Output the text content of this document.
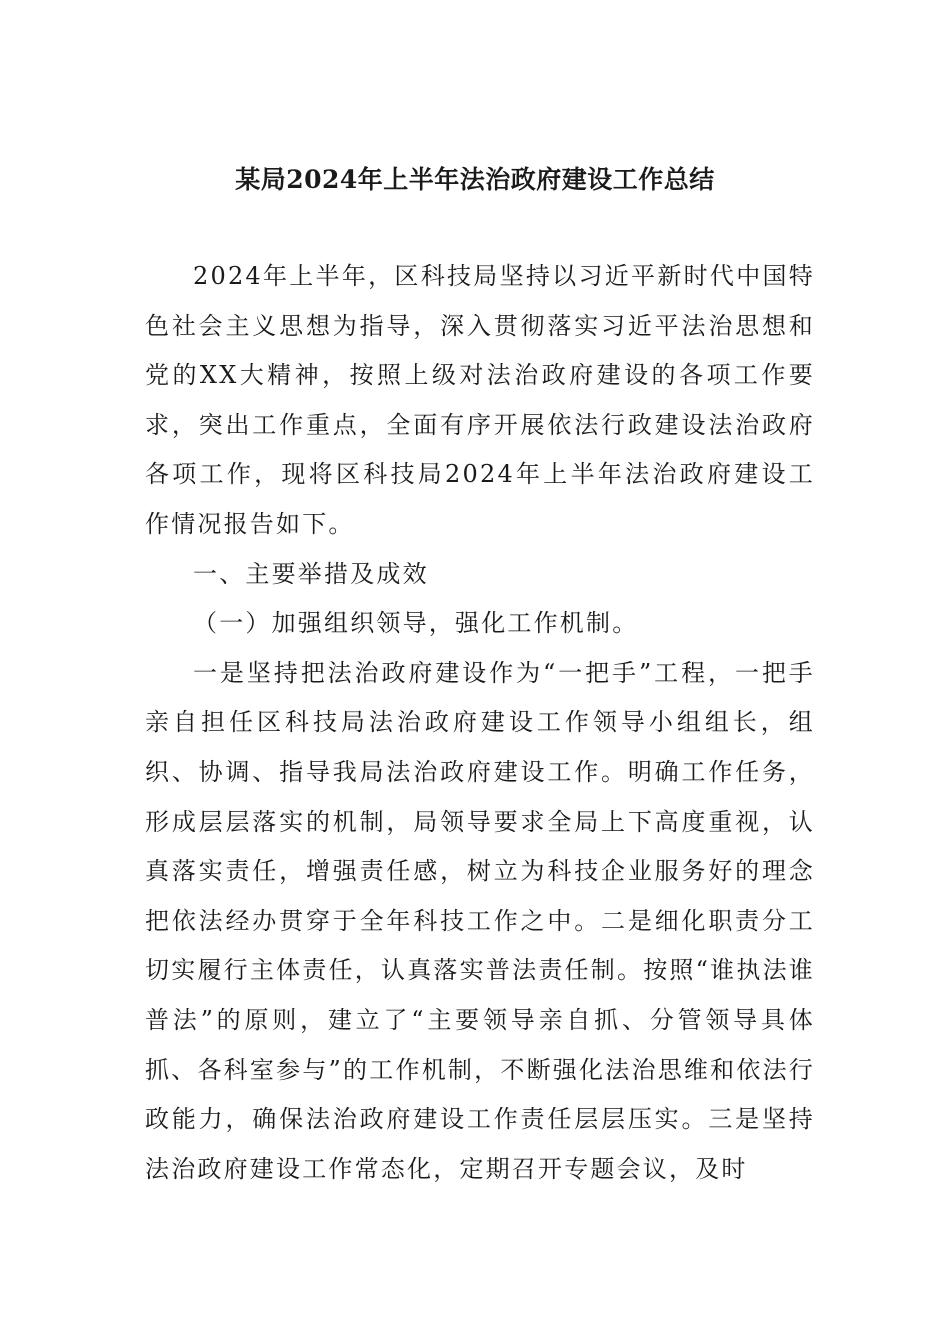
某局2024年上半年法治政府建设工作总结

2024年上半年，区科技局坚持以习近平新时代中国特色社会主义思想为指导，深入贯彻落实习近平法治思想和党的XX大精神，按照上级对法治政府建设的各项工作要求，突出工作重点，全面有序开展依法行政建设法治政府各项工作，现将区科技局2024年上半年法治政府建设工作情况报告如下。

一、主要举措及成效

（一）加强组织领导，强化工作机制。

一是坚持把法治政府建设作为“一把手”工程，一把手亲自担任区科技局法治政府建设工作领导小组组长，组织、协调、指导我局法治政府建设工作。明确工作任务，形成层层落实的机制，局领导要求全局上下高度重视，认真落实责任，增强责任感，树立为科技企业服务好的理念把依法经办贯穿于全年科技工作之中。二是细化职责分工切实履行主体责任，认真落实普法责任制。按照“谁执法谁普法”的原则，建立了“主要领导亲自抓、分管领导具体抓、各科室参与”的工作机制，不断强化法治思维和依法行政能力，确保法治政府建设工作责任层层压实。三是坚持法治政府建设工作常态化，定期召开专题会议，及时
